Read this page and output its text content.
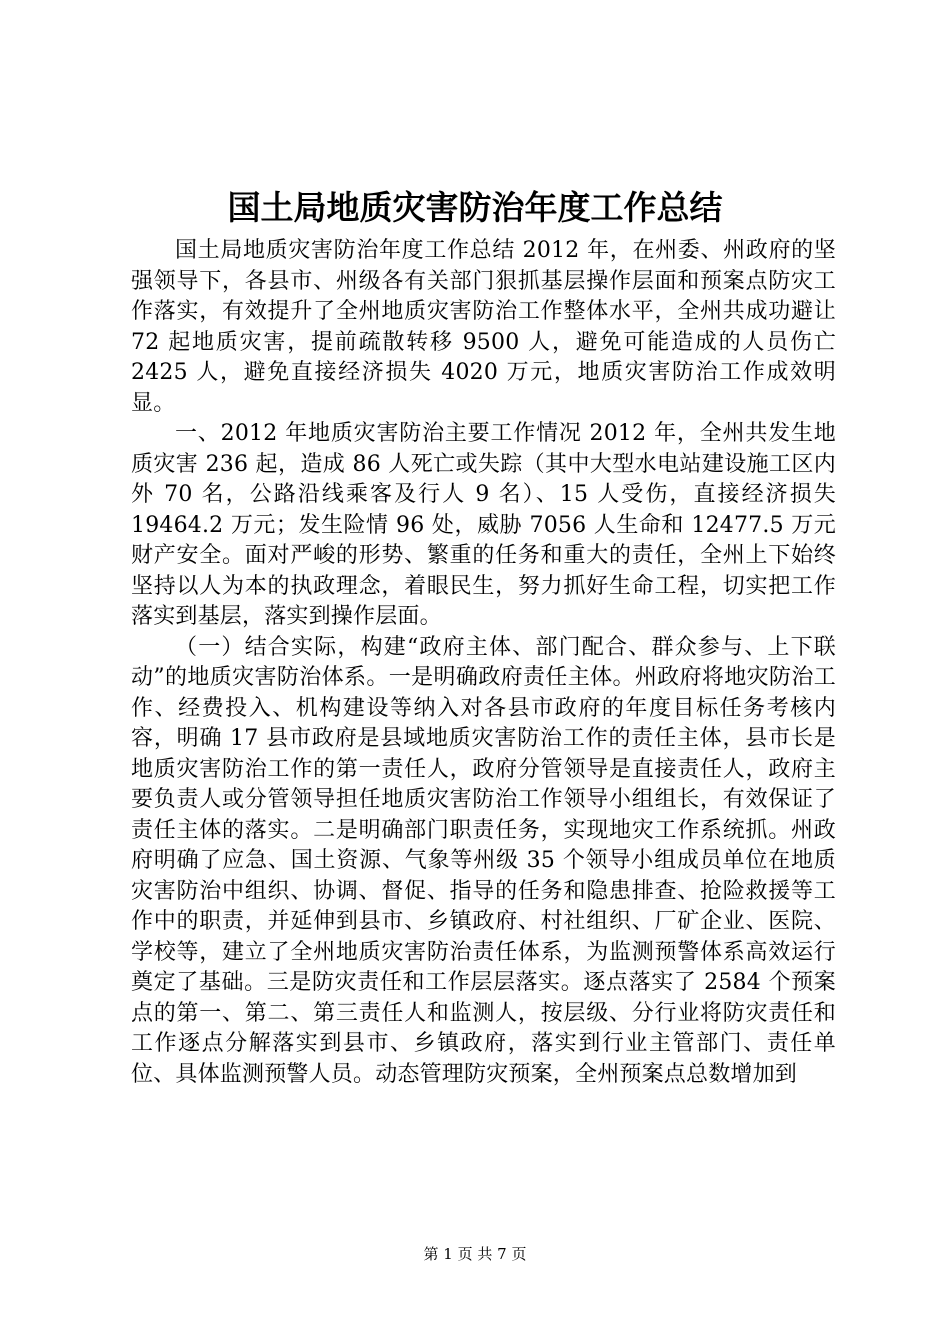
国土局地质灾害防治年度工作总结

国土局地质灾害防治年度工作总结 2012 年，在州委、州政府的坚强领导下，各县市、州级各有关部门狠抓基层操作层面和预案点防灾工作落实，有效提升了全州地质灾害防治工作整体水平，全州共成功避让 72 起地质灾害，提前疏散转移 9500 人，避免可能造成的人员伤亡 2425 人，避免直接经济损失 4020 万元，地质灾害防治工作成效明显。

一、2012 年地质灾害防治主要工作情况 2012 年，全州共发生地质灾害 236 起，造成 86 人死亡或失踪（其中大型水电站建设施工区内外 70 名，公路沿线乘客及行人 9 名）、15 人受伤，直接经济损失 19464.2 万元；发生险情 96 处，威胁 7056 人生命和 12477.5 万元财产安全。面对严峻的形势、繁重的任务和重大的责任，全州上下始终坚持以人为本的执政理念，着眼民生，努力抓好生命工程，切实把工作落实到基层，落实到操作层面。

（一）结合实际，构建“政府主体、部门配合、群众参与、上下联动”的地质灾害防治体系。一是明确政府责任主体。州政府将地灾防治工作、经费投入、机构建设等纳入对各县市政府的年度目标任务考核内容，明确 17 县市政府是县域地质灾害防治工作的责任主体，县市长是地质灾害防治工作的第一责任人，政府分管领导是直接责任人，政府主要负责人或分管领导担任地质灾害防治工作领导小组组长，有效保证了责任主体的落实。二是明确部门职责任务，实现地灾工作系统抓。州政府明确了应急、国土资源、气象等州级 35 个领导小组成员单位在地质灾害防治中组织、协调、督促、指导的任务和隐患排查、抢险救援等工作中的职责，并延伸到县市、乡镇政府、村社组织、厂矿企业、医院、学校等，建立了全州地质灾害防治责任体系，为监测预警体系高效运行奠定了基础。三是防灾责任和工作层层落实。逐点落实了 2584 个预案点的第一、第二、第三责任人和监测人，按层级、分行业将防灾责任和工作逐点分解落实到县市、乡镇政府，落实到行业主管部门、责任单位、具体监测预警人员。动态管理防灾预案，全州预案点总数增加到

第 1 页 共 7 页
